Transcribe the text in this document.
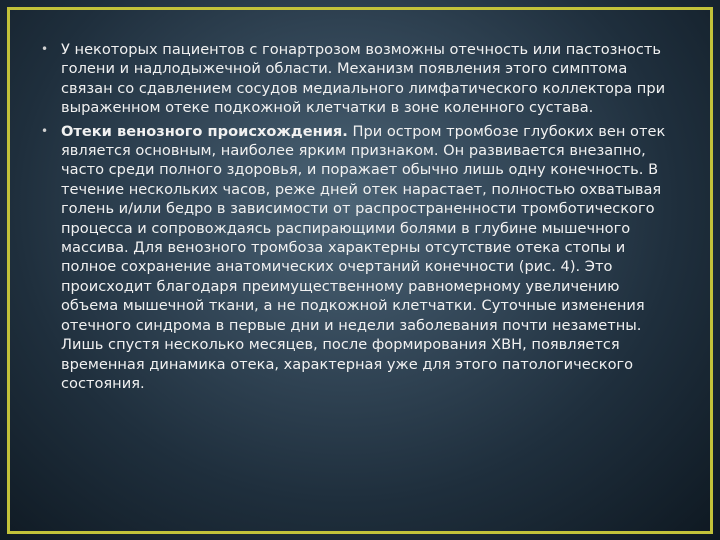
• У некоторых пациентов с гонартрозом возможны отечность или пастозность голени и надлодыжечной области. Механизм появления этого симптома связан со сдавлением сосудов медиального лимфатического коллектора при выраженном отеке подкожной клетчатки в зоне коленного сустава.
• Отеки венозного происхождения. При остром тромбозе глубоких вен отек является основным, наиболее ярким признаком. Он развивается внезапно, часто среди полного здоровья, и поражает обычно лишь одну конечность. В течение нескольких часов, реже дней отек нарастает, полностью охватывая голень и/или бедро в зависимости от распространенности тромботического процесса и сопровождаясь распирающими болями в глубине мышечного массива. Для венозного тромбоза характерны отсутствие отека стопы и полное сохранение анатомических очертаний конечности (рис. 4). Это происходит благодаря преимущественному равномерному увеличению объема мышечной ткани, а не подкожной клетчатки. Суточные изменения отечного синдрома в первые дни и недели заболевания почти незаметны. Лишь спустя несколько месяцев, после формирования ХВН, появляется временная динамика отека, характерная уже для этого патологического состояния.
